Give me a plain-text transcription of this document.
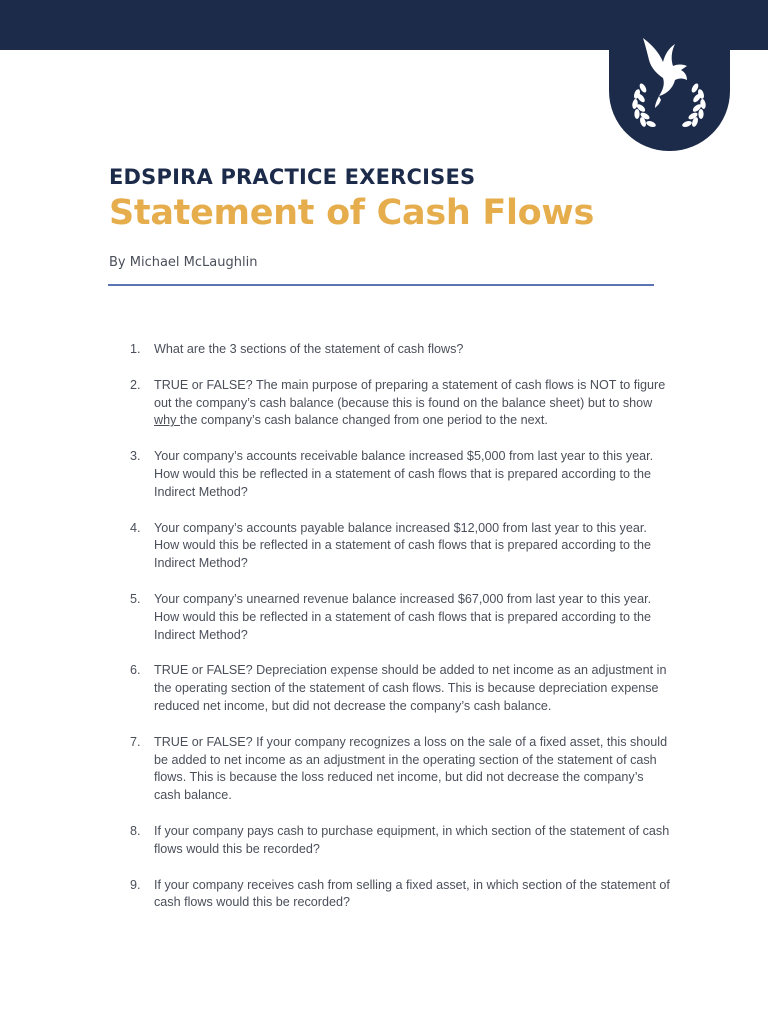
EDSPIRA PRACTICE EXERCISES

Statement of Cash Flows

By Michael McLaughlin

1. What are the 3 sections of the statement of cash flows?
2. TRUE or FALSE? The main purpose of preparing a statement of cash flows is NOT to figure out the company’s cash balance (because this is found on the balance sheet) but to show why the company’s cash balance changed from one period to the next.
3. Your company’s accounts receivable balance increased $5,000 from last year to this year. How would this be reflected in a statement of cash flows that is prepared according to the Indirect Method?
4. Your company’s accounts payable balance increased $12,000 from last year to this year. How would this be reflected in a statement of cash flows that is prepared according to the Indirect Method?
5. Your company’s unearned revenue balance increased $67,000 from last year to this year. How would this be reflected in a statement of cash flows that is prepared according to the Indirect Method?
6. TRUE or FALSE? Depreciation expense should be added to net income as an adjustment in the operating section of the statement of cash flows. This is because depreciation expense reduced net income, but did not decrease the company’s cash balance.
7. TRUE or FALSE? If your company recognizes a loss on the sale of a fixed asset, this should be added to net income as an adjustment in the operating section of the statement of cash flows. This is because the loss reduced net income, but did not decrease the company’s cash balance.
8. If your company pays cash to purchase equipment, in which section of the statement of cash flows would this be recorded?
9. If your company receives cash from selling a fixed asset, in which section of the statement of cash flows would this be recorded?
